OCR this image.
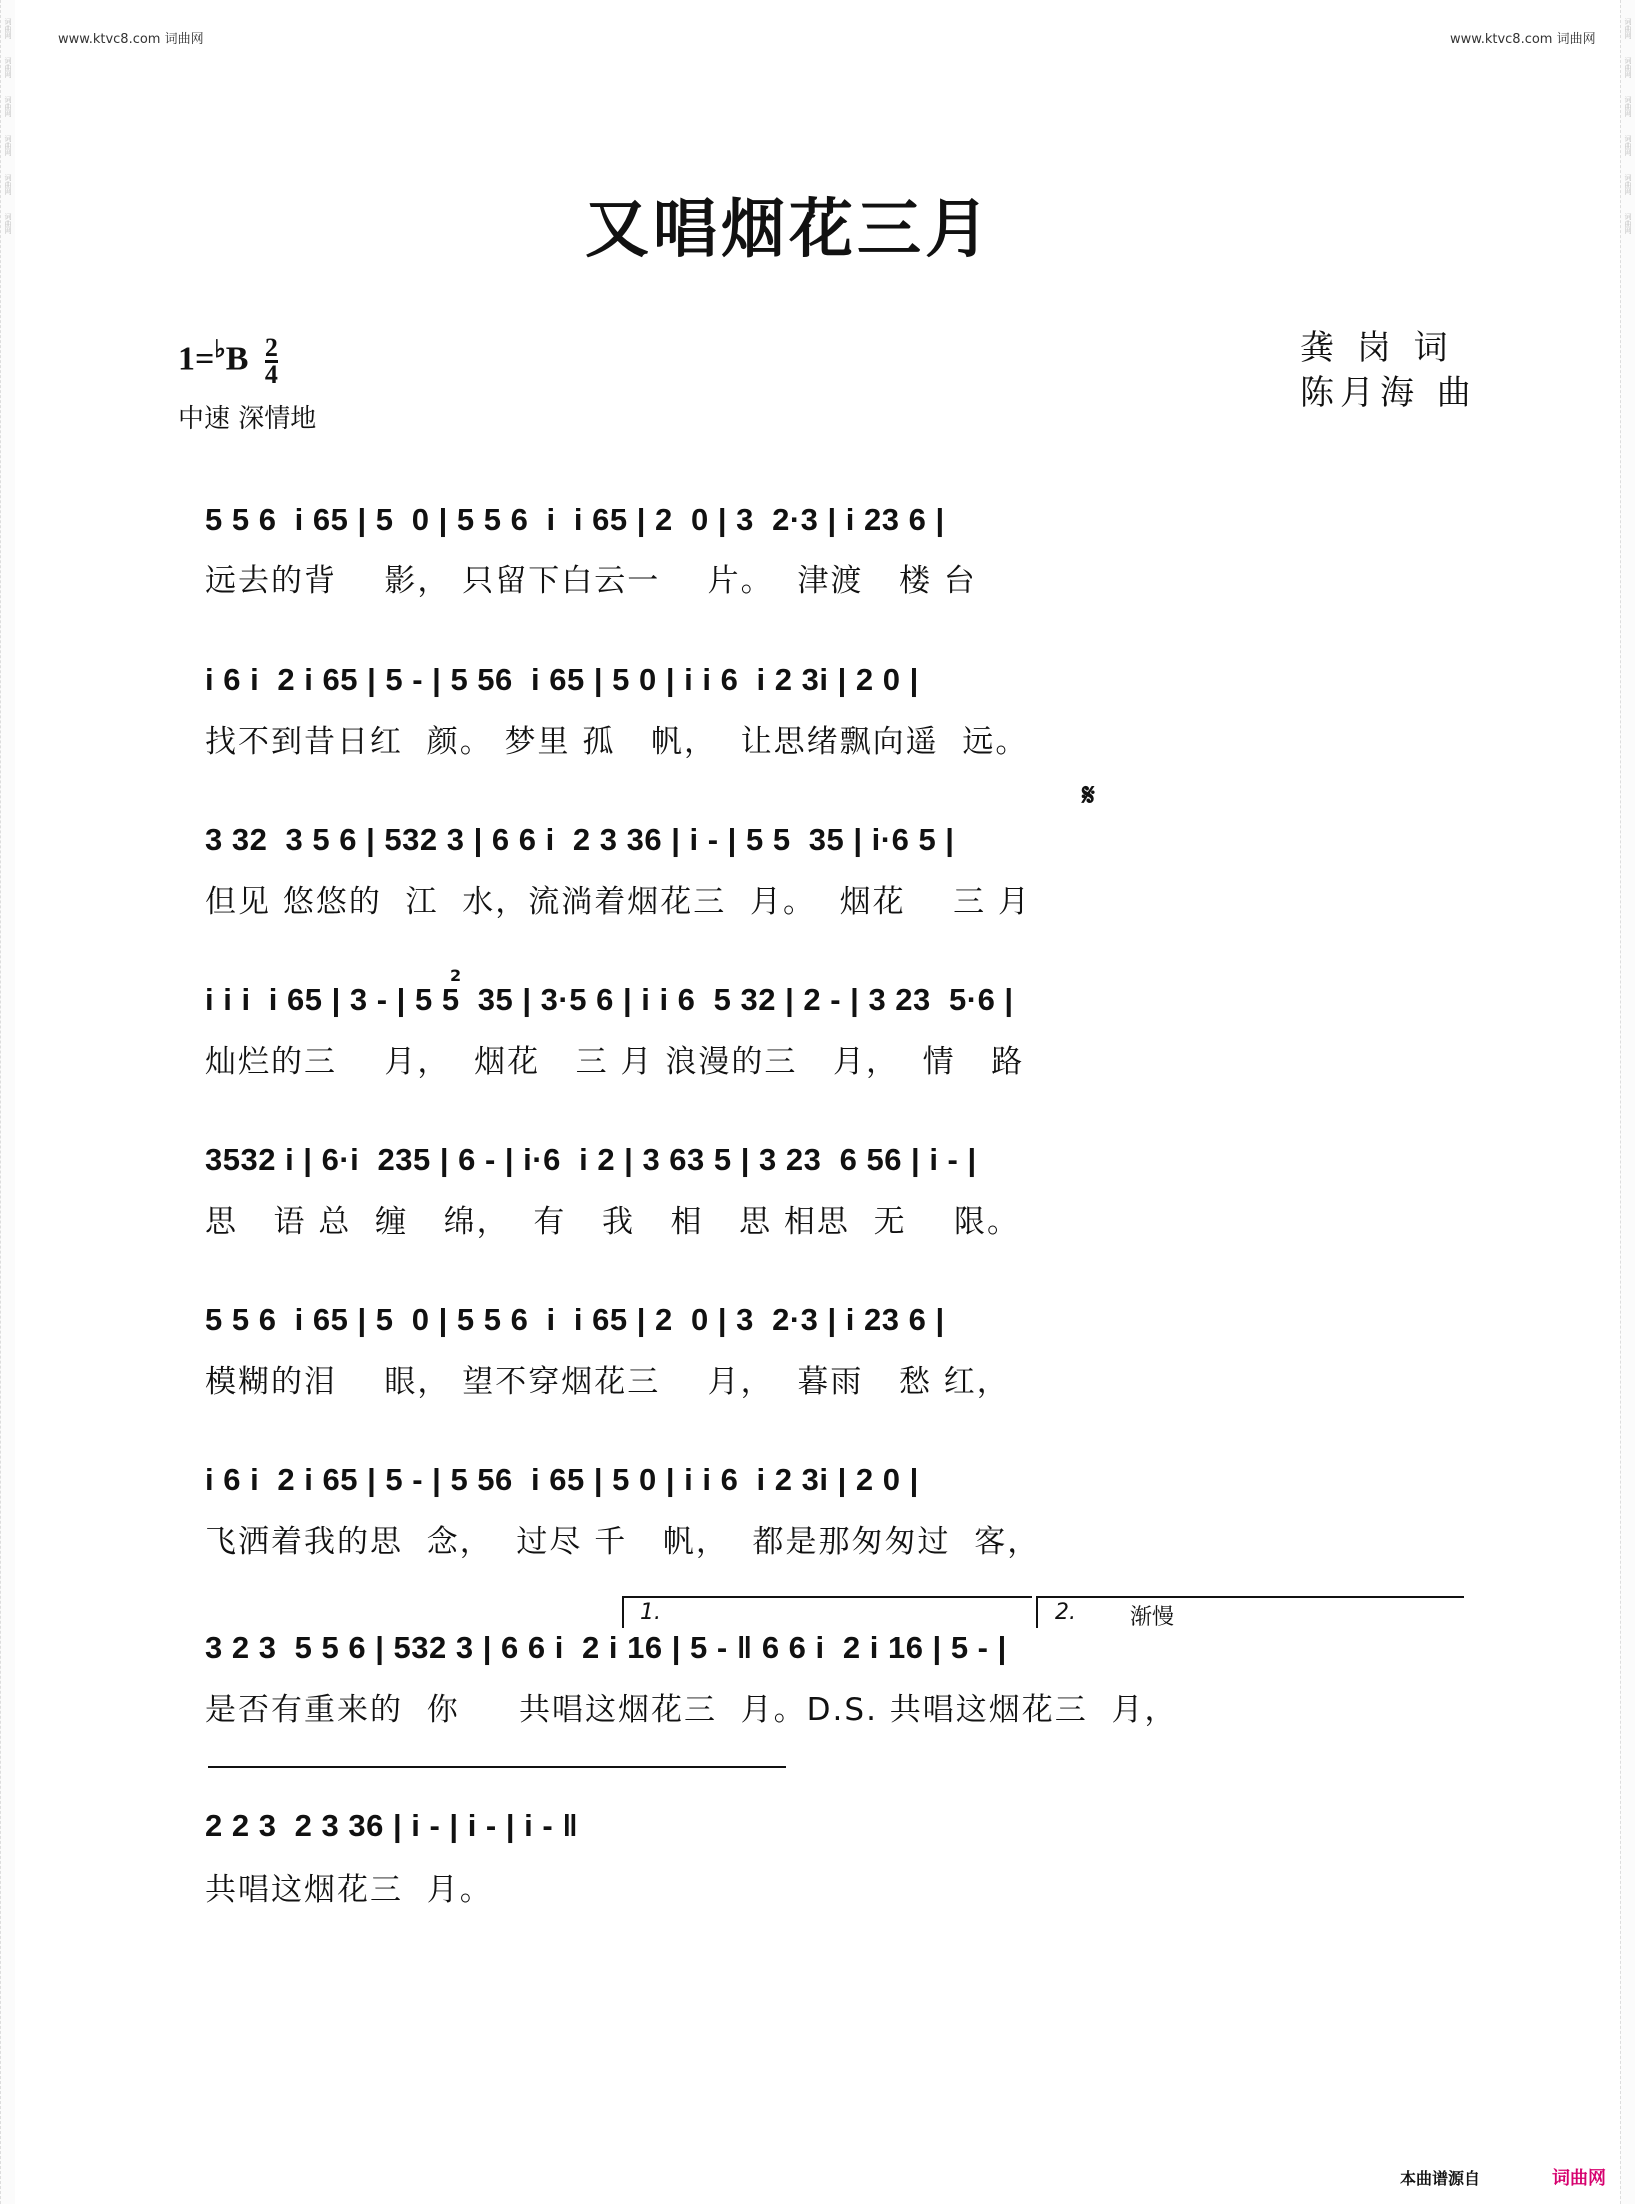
www.ktvc8.com 词曲网	www.ktvc8.com 词曲网
词曲网
词曲网
词曲网
词曲网
词曲网
词曲网
词曲网
词曲网
词曲网
词曲网
词曲网
词曲网
又唱烟花三月
$1=^♭B \frac{2}{4}$
中速 深情地
龚 岗 词
陈月海 曲
5 5 6  i 65 | 5  0 | 5 5 6  i  i 65 | 2  0 | 3  2·3 | i 23 6 |
远去的背    影， 只留下白云一    片。  津渡   楼 台
i 6 i  2 i 65 | 5 - | 5 56  i 65 | 5 0 | i i 6  i 2 3i | 2 0 |
找不到昔日红  颜。 梦里 孤   帆，  让思绪飘向遥  远。
𝄋
3 32  3 5 6 | 532 3 | 6 6 i  2 3 36 | i - | 5 5  35 | i·6 5 |
但见 悠悠的  江  水，流淌着烟花三  月。  烟花    三 月
2
i i i  i 65 | 3 - | 5 5  35 | 3·5 6 | i i 6  5 32 | 2 - | 3 23  5·6 |
灿烂的三    月，  烟花   三 月 浪漫的三   月，  情   路
3532 i | 6·i  235 | 6 - | i·6  i 2 | 3 63 5 | 3 23  6 56 | i - |
思   语 总  缠   绵，  有   我   相   思 相思  无    限。
5 5 6  i 65 | 5  0 | 5 5 6  i  i 65 | 2  0 | 3  2·3 | i 23 6 |
模糊的泪    眼， 望不穿烟花三    月，  暮雨   愁 红，
i 6 i  2 i 65 | 5 - | 5 56  i 65 | 5 0 | i i 6  i 2 3i | 2 0 |
飞洒着我的思  念，  过尽 千   帆，  都是那匆匆过  客，
1.	2. 渐慢
3 2 3  5 5 6 | 532 3 | 6 6 i  2 i 16 | 5 - ‖ 6 6 i  2 i 16 | 5 - |
是否有重来的  你     共唱这烟花三  月。D.S. 共唱这烟花三  月，
2 2 3  2 3 36 | i - | i - | i - ‖
共唱这烟花三  月。
本曲谱源自	词曲网
